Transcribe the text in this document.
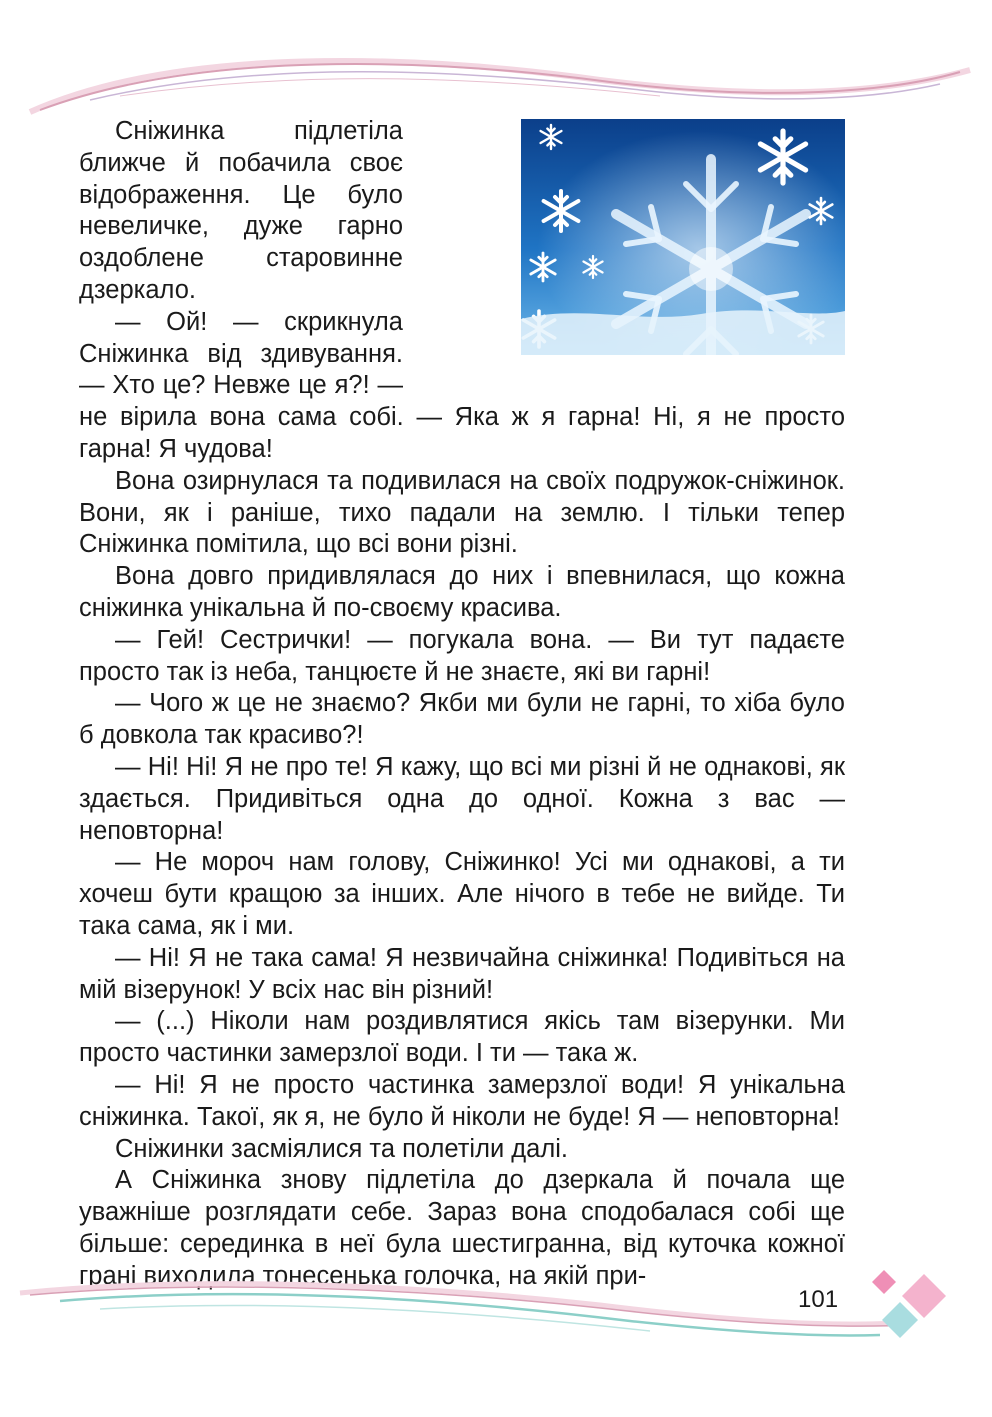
Сніжинка підлетіла ближче й побачила своє відображення. Це було невеличке, дуже гарно оздоблене старовинне дзеркало.

— Ой! — скрикнула Сніжинка від здивування. — Хто це? Невже це я?! — не вірила вона сама собі. — Яка ж я гарна! Ні, я не просто гарна! Я чудова!

Вона озирнулася та подивилася на своїх подружок-сніжинок. Вони, як і раніше, тихо падали на землю. І тільки тепер Сніжинка помітила, що всі вони різні.

Вона довго придивлялася до них і впевнилася, що кожна сніжинка унікальна й по-своєму красива.

— Гей! Сестрички! — погукала вона. — Ви тут падаєте просто так із неба, танцюєте й не знаєте, які ви гарні!

— Чого ж це не знаємо? Якби ми були не гарні, то хіба було б довкола так красиво?!

— Ні! Ні! Я не про те! Я кажу, що всі ми різні й не однакові, як здається. Придивіться одна до одної. Кожна з вас — неповторна!

— Не мороч нам голову, Сніжинко! Усі ми однакові, а ти хочеш бути кращою за інших. Але нічого в тебе не вийде. Ти така сама, як і ми.

— Ні! Я не така сама! Я незвичайна сніжинка! Подивіться на мій візерунок! У всіх нас він різний!

— (...) Ніколи нам роздивлятися якісь там візерунки. Ми просто частинки замерзлої води. І ти — така ж.

— Ні! Я не просто частинка замерзлої води! Я унікальна сніжинка. Такої, як я, не було й ніколи не буде! Я — неповторна!

Сніжинки засміялися та полетіли далі.

А Сніжинка знову підлетіла до дзеркала й почала ще уважніше розглядати себе. Зараз вона сподобалася собі ще більше: серединка в неї була шестигранна, від куточка кожної грані виходила тонесенька голочка, на якій при-

101
